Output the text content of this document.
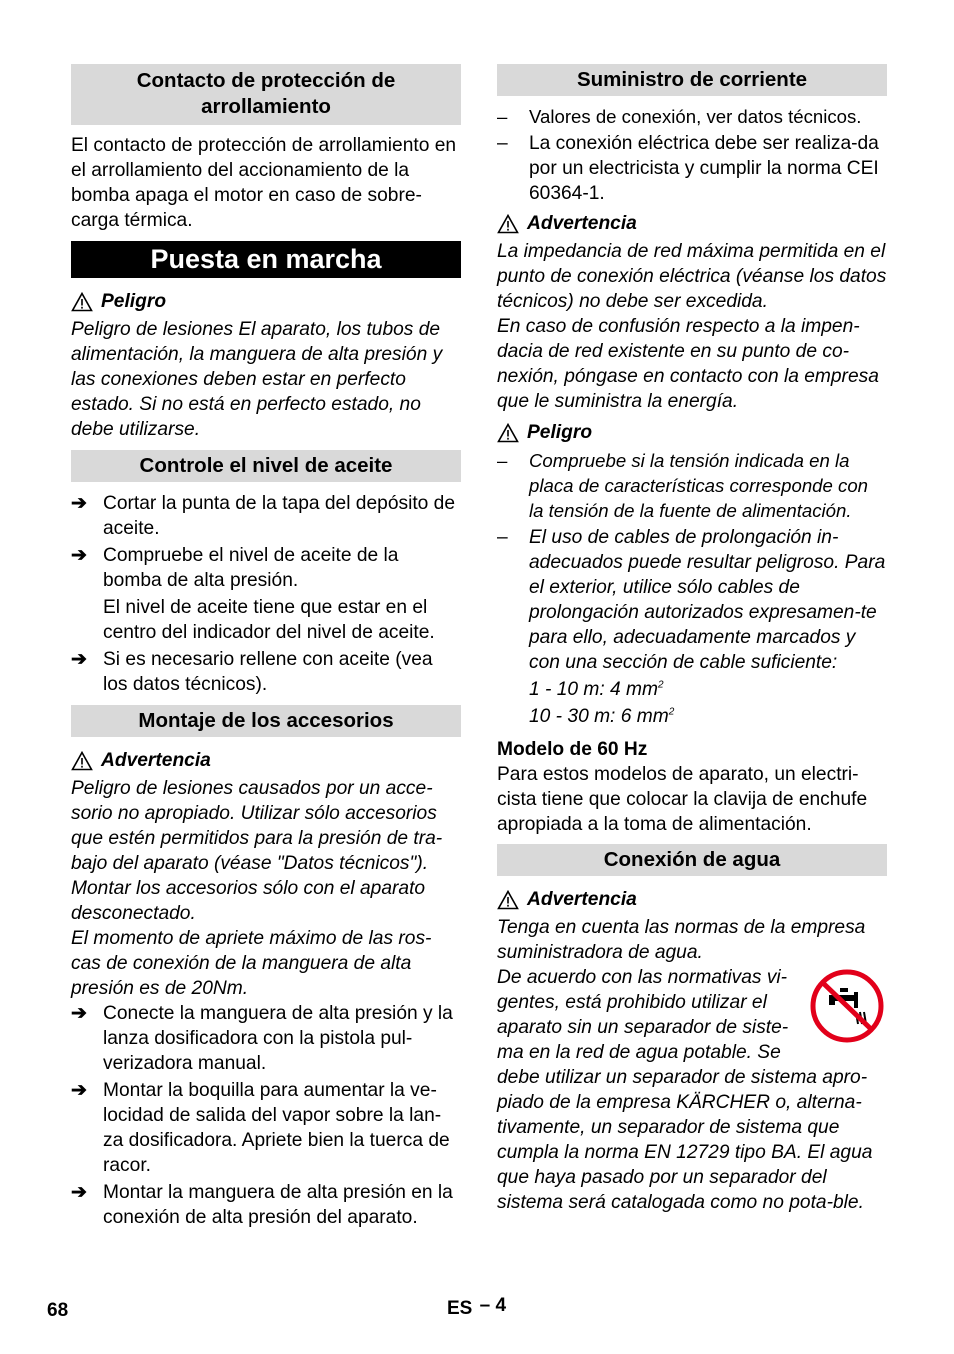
Contacto de protección de arrollamiento

El contacto de protección de arrollamiento en el arrollamiento del accionamiento de la bomba apaga el motor en caso de sobre-carga térmica.

Puesta en marcha
Peligro

Peligro de lesiones El aparato, los tubos de alimentación, la manguera de alta presión y las conexiones deben estar en perfecto estado. Si no está en perfecto estado, no debe utilizarse.

Controle el nivel de aceite
➔ Cortar la punta de la tapa del depósito de aceite.
➔ Compruebe el nivel de aceite de la bomba de alta presión.

El nivel de aceite tiene que estar en el centro del indicador del nivel de aceite.

➔ Si es necesario rellene con aceite (vea los datos técnicos).
Montaje de los accesorios
Advertencia

Peligro de lesiones causados por un acce-sorio no apropiado. Utilizar sólo accesorios que estén permitidos para la presión de tra-bajo del aparato (véase "Datos técnicos").

Montar los accesorios sólo con el aparato desconectado.

El momento de apriete máximo de las ros-cas de conexión de la manguera de alta presión es de 20Nm.

➔ Conecte la manguera de alta presión y la lanza dosificadora con la pistola pul-verizadora manual.
➔ Montar la boquilla para aumentar la ve-locidad de salida del vapor sobre la lan-za dosificadora. Apriete bien la tuerca de racor.
➔ Montar la manguera de alta presión en la conexión de alta presión del aparato.
Suministro de corriente
–	Valores de conexión, ver datos técnicos.
–	La conexión eléctrica debe ser realiza-da por un electricista y cumplir la norma CEI 60364-1.
Advertencia

La impedancia de red máxima permitida en el punto de conexión eléctrica (véanse los datos técnicos) no debe ser excedida.

En caso de confusión respecto a la impen-dacia de red existente en su punto de co-nexión, póngase en contacto con la empresa que le suministra la energía.

Peligro
–	Compruebe si la tensión indicada en la placa de características corresponde con la tensión de la fuente de alimentación.
–	El uso de cables de prolongación in-adecuados puede resultar peligroso. Para el exterior, utilice sólo cables de prolongación autorizados expresamen-te para ello, adecuadamente marcados y con una sección de cable suficiente:

1 - 10 m: 4 $mm^2$

10 - 30 m: 6 $mm^2$

Modelo de 60 Hz

Para estos modelos de aparato, un electri-cista tiene que colocar la clavija de enchufe apropiada a la toma de alimentación.

Conexión de agua
Advertencia

Tenga en cuenta las normas de la empresa suministradora de agua.

De acuerdo con las normativas vi-gentes, está prohibido utilizar el aparato sin un separador de siste-ma en la red de agua potable. Se

debe utilizar un separador de sistema apro-piado de la empresa KÄRCHER o, alterna-tivamente, un separador de sistema que cumpla la norma EN 12729 tipo BA. El agua que haya pasado por un separador del sistema será catalogada como no pota-ble.

68	ES – 4
